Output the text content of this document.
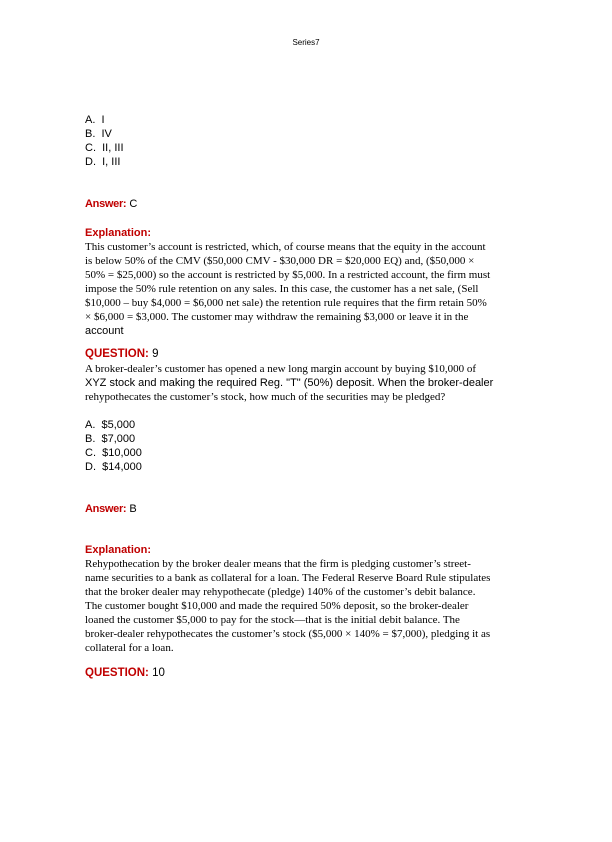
Series7
A.  I
B.  IV
C.  II, III
D.  I, III
Answer: C
Explanation:
This customer’s account is restricted, which, of course means that the equity in the account
is below 50% of the CMV ($50,000 CMV - $30,000 DR = $20,000 EQ) and, ($50,000 ×
50% = $25,000) so the account is restricted by $5,000. In a restricted account, the firm must
impose the 50% rule retention on any sales. In this case, the customer has a net sale, (Sell
$10,000 – buy $4,000 = $6,000 net sale) the retention rule requires that the firm retain 50%
× $6,000 = $3,000. The customer may withdraw the remaining $3,000 or leave it in the
account
QUESTION: 9
A broker-dealer’s customer has opened a new long margin account by buying $10,000 of
XYZ stock and making the required Reg. "T" (50%) deposit. When the broker-dealer
rehypothecates the customer’s stock, how much of the securities may be pledged?
A.  $5,000
B.  $7,000
C.  $10,000
D.  $14,000
Answer: B
Explanation:
Rehypothecation by the broker dealer means that the firm is pledging customer’s street-
name securities to a bank as collateral for a loan. The Federal Reserve Board Rule stipulates
that the broker dealer may rehypothecate (pledge) 140% of the customer’s debit balance.
The customer bought $10,000 and made the required 50% deposit, so the broker-dealer
loaned the customer $5,000 to pay for the stock—that is the initial debit balance. The
broker-dealer rehypothecates the customer’s stock ($5,000 × 140% = $7,000), pledging it as
collateral for a loan.
QUESTION: 10
